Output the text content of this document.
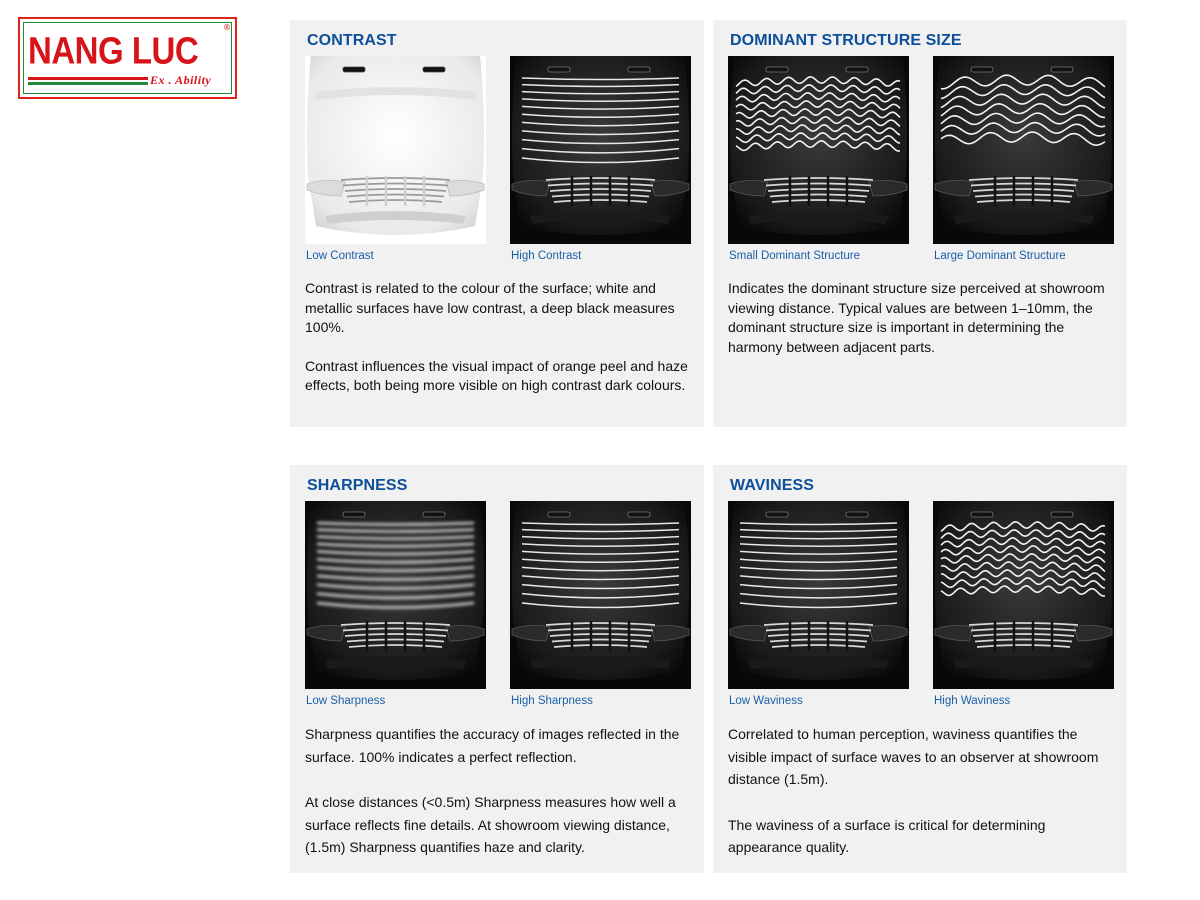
NANG LUC
®
Ex . Ability
CONTRAST
Low Contrast	High Contrast

Contrast is related to the colour of the surface; white and metallic surfaces have low contrast, a deep black measures 100%.

Contrast influences the visual impact of orange peel and haze effects, both being more visible on high contrast dark colours.

DOMINANT STRUCTURE SIZE
Small Dominant Structure	Large Dominant Structure

Indicates the dominant structure size perceived at showroom viewing distance. Typical values are between 1–10mm, the dominant structure size is important in determining the harmony between adjacent parts.

SHARPNESS
Low Sharpness	High Sharpness

Sharpness quantifies the accuracy of images reflected in the surface. 100% indicates a perfect reflection.

At close distances (<0.5m) Sharpness measures how well a surface reflects fine details. At showroom viewing distance, (1.5m) Sharpness quantifies haze and clarity.

WAVINESS
Low Waviness	High Waviness

Correlated to human perception, waviness quantifies the visible impact of surface waves to an observer at showroom distance (1.5m).

The waviness of a surface is critical for determining appearance quality.
